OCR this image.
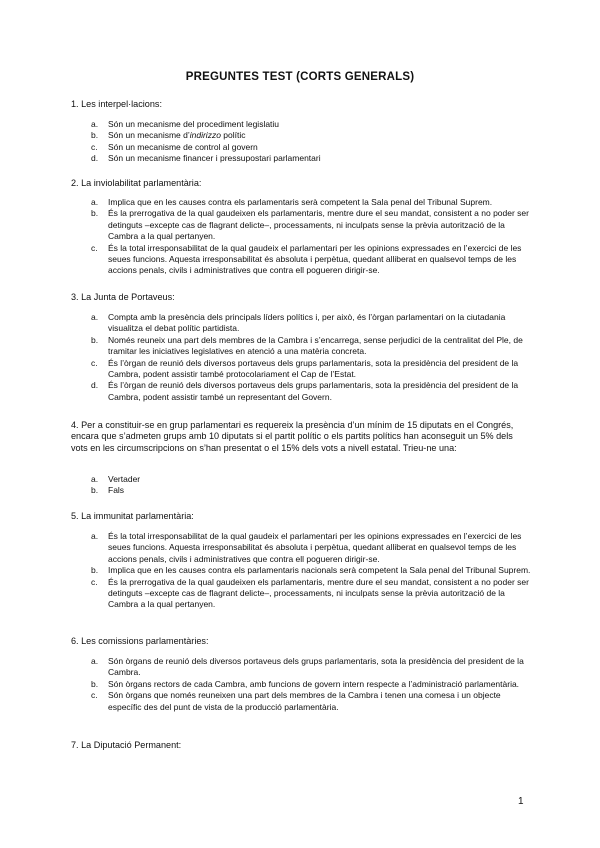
PREGUNTES TEST (CORTS GENERALS)
1. Les interpel·lacions:
a. Són un mecanisme del procediment legislatiu
b. Són un mecanisme d’indirizzo polític
c. Són un mecanisme de control al govern
d. Són un mecanisme financer i pressupostari parlamentari
2. La inviolabilitat parlamentària:
a. Implica que en les causes contra els parlamentaris serà competent la Sala penal del Tribunal Suprem.
b. És la prerrogativa de la qual gaudeixen els parlamentaris, mentre dure el seu mandat, consistent a no poder ser detinguts –excepte cas de flagrant delicte–, processaments, ni inculpats sense la prèvia autorització de la Cambra a la qual pertanyen.
c. És la total irresponsabilitat de la qual gaudeix el parlamentari per les opinions expressades en l’exercici de les seues funcions. Aquesta irresponsabilitat és absoluta i perpètua, quedant alliberat en qualsevol temps de les accions penals, civils i administratives que contra ell pogueren dirigir-se.
3. La Junta de Portaveus:
a. Compta amb la presència dels principals líders polítics i, per això, és l’òrgan parlamentari on la ciutadania visualitza el debat polític partidista.
b. Només reuneix una part dels membres de la Cambra i s’encarrega, sense perjudici de la centralitat del Ple, de tramitar les iniciatives legislatives en atenció a una matèria concreta.
c. És l’òrgan de reunió dels diversos portaveus dels grups parlamentaris, sota la presidència del president de la Cambra, podent assistir també protocolariament el Cap de l’Estat.
d. És l’òrgan de reunió dels diversos portaveus dels grups parlamentaris, sota la presidència del president de la Cambra, podent assistir també un representant del Govern.
4. Per a constituir-se en grup parlamentari es requereix la presència d’un mínim de 15 diputats en el Congrés, encara que s’admeten grups amb 10 diputats si el partit polític o els partits polítics han aconseguit un 5% dels vots en les circumscripcions on s’han presentat o el 15% dels vots a nivell estatal. Trieu-ne una:
a. Vertader
b. Fals
5. La immunitat parlamentària:
a. És la total irresponsabilitat de la qual gaudeix el parlamentari per les opinions expressades en l’exercici de les seues funcions. Aquesta irresponsabilitat és absoluta i perpètua, quedant alliberat en qualsevol temps de les accions penals, civils i administratives que contra ell pogueren dirigir-se.
b. Implica que en les causes contra els parlamentaris nacionals serà competent la Sala penal del Tribunal Suprem.
c. És la prerrogativa de la qual gaudeixen els parlamentaris, mentre dure el seu mandat, consistent a no poder ser detinguts –excepte cas de flagrant delicte–, processaments, ni inculpats sense la prèvia autorització de la Cambra a la qual pertanyen.
6. Les comissions parlamentàries:
a. Són òrgans de reunió dels diversos portaveus dels grups parlamentaris, sota la presidència del president de la Cambra.
b. Són òrgans rectors de cada Cambra, amb funcions de govern intern respecte a l’administració parlamentària.
c. Són òrgans que només reuneixen una part dels membres de la Cambra i tenen una comesa i un objecte específic des del punt de vista de la producció parlamentària.
7. La Diputació Permanent:
1
